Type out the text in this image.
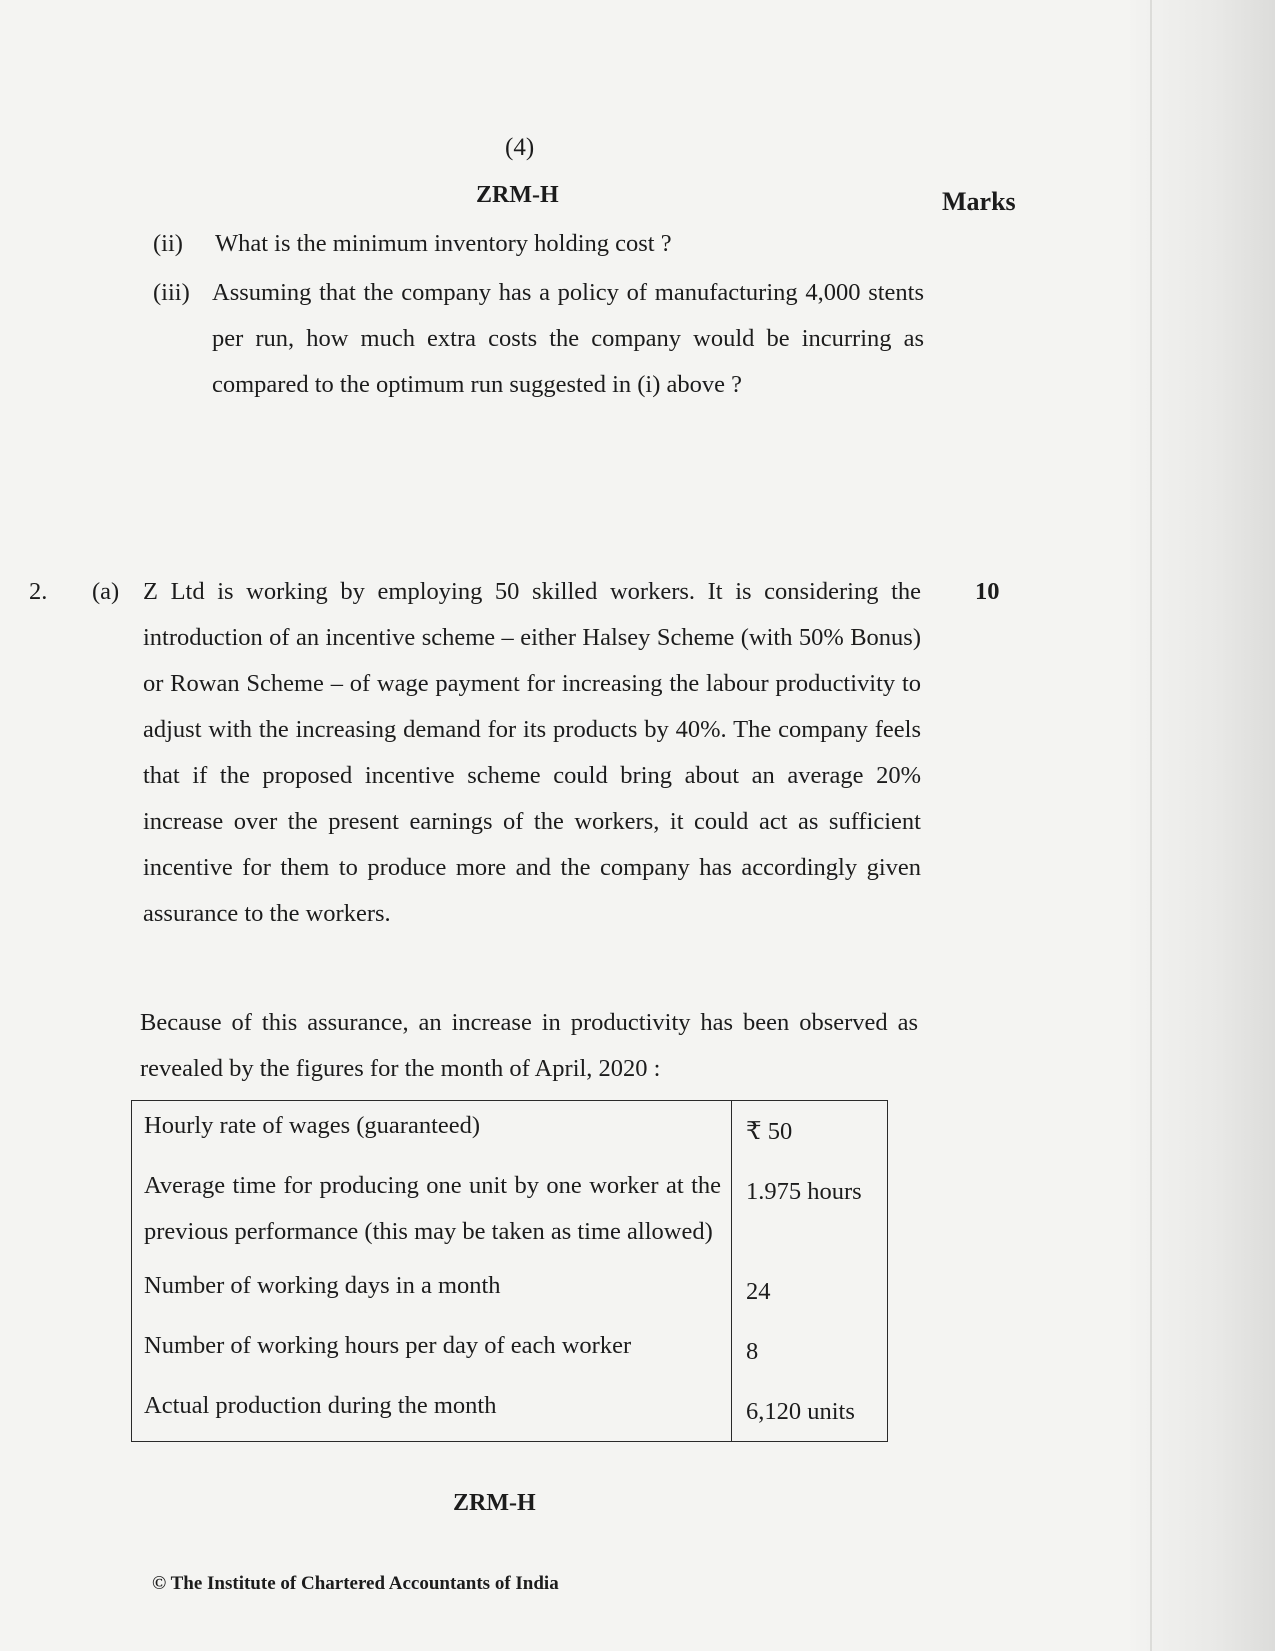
(4)
ZRM-H	Marks
(ii) What is the minimum inventory holding cost ?
(iii) Assuming that the company has a policy of manufacturing 4,000 stents per run, how much extra costs the company would be incurring as compared to the optimum run suggested in (i) above ?
2. (a) Z Ltd is working by employing 50 skilled workers. It is considering the introduction of an incentive scheme – either Halsey Scheme (with 50% Bonus) or Rowan Scheme – of wage payment for increasing the labour productivity to adjust with the increasing demand for its products by 40%. The company feels that if the proposed incentive scheme could bring about an average 20% increase over the present earnings of the workers, it could act as sufficient incentive for them to produce more and the company has accordingly given assurance to the workers.
10
Because of this assurance, an increase in productivity has been observed as revealed by the figures for the month of April, 2020 :
Hourly rate of wages (guaranteed)	₹ 50
Average time for producing one unit by one worker at the previous performance (this may be taken as time allowed)	1.975 hours
Number of working days in a month	24
Number of working hours per day of each worker	8
Actual production during the month	6,120 units
ZRM-H
© The Institute of Chartered Accountants of India
